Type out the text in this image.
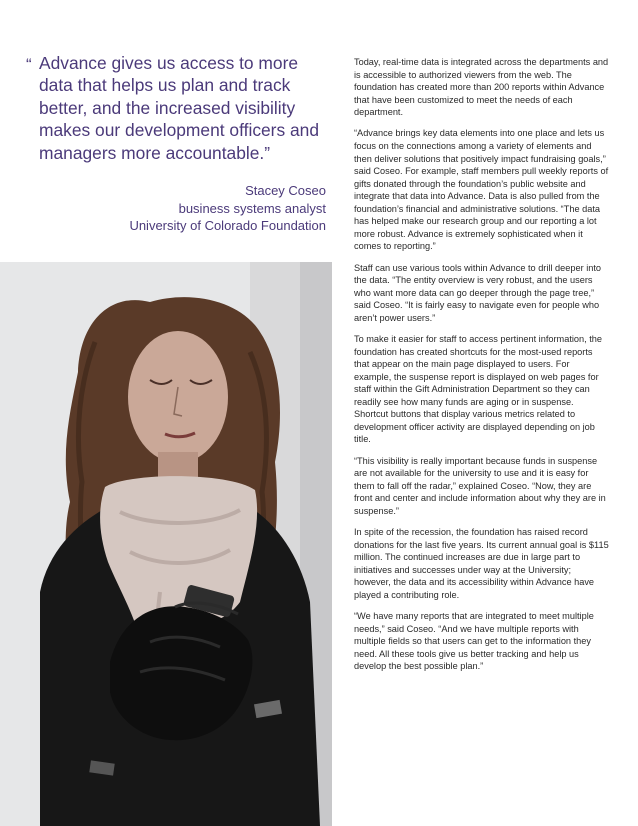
“ Advance gives us access to more data that helps us plan and track better, and the increased visibility makes our development officers and managers more accountable.”

Stacey Coseo
business systems analyst
University of Colorado Foundation

Today, real-time data is integrated across the departments and is accessible to authorized viewers from the web. The foundation has created more than 200 reports within Advance that have been customized to meet the needs of each department.

“Advance brings key data elements into one place and lets us focus on the connections among a variety of elements and then deliver solutions that positively impact fundraising goals,” said Coseo. For example, staff members pull weekly reports of gifts donated through the foundation’s public website and integrate that data into Advance. Data is also pulled from the foundation’s financial and administrative solutions. “The data has helped make our research group and our reporting a lot more robust. Advance is extremely sophisticated when it comes to reporting.”

Staff can use various tools within Advance to drill deeper into the data. “The entity overview is very robust, and the users who want more data can go deeper through the page tree,” said Coseo. “It is fairly easy to navigate even for people who aren’t power users.”

To make it easier for staff to access pertinent information, the foundation has created shortcuts for the most-used reports that appear on the main page displayed to users. For example, the suspense report is displayed on web pages for staff within the Gift Administration Department so they can readily see how many funds are aging or in suspense. Shortcut buttons that display various metrics related to development officer activity are displayed depending on job title.

“This visibility is really important because funds in suspense are not available for the university to use and it is easy for them to fall off the radar,” explained Coseo. “Now, they are front and center and include information about why they are in suspense.”

In spite of the recession, the foundation has raised record donations for the last five years. Its current annual goal is $115 million. The continued increases are due in large part to initiatives and successes under way at the University; however, the data and its accessibility within Advance have played a contributing role.

“We have many reports that are integrated to meet multiple needs,” said Coseo. “And we have multiple reports with multiple fields so that users can get to the information they need. All these tools give us better tracking and help us develop the best possible plan.”
